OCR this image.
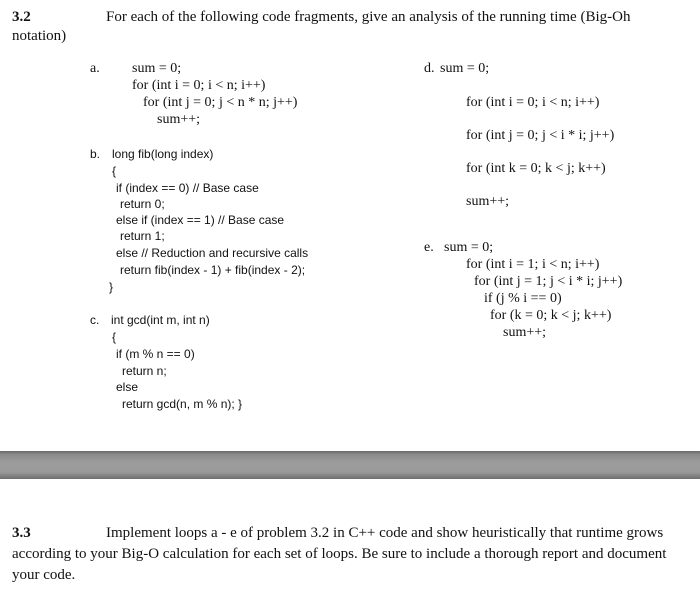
3.2	For each of the following code fragments, give an analysis of the running time (Big-Oh
notation)
a. sum = 0;
for (int i = 0; i < n; i++)
for (int j = 0; j < n * n; j++)
sum++;
b. long fib(long index)
{
if (index == 0) // Base case
return 0;
else if (index == 1) // Base case
return 1;
else // Reduction and recursive calls
return fib(index - 1) + fib(index - 2);
}
c. int gcd(int m, int n)
{
if (m % n == 0)
return n;
else
return gcd(n, m % n); }
d. sum = 0;
for (int i = 0; i < n; i++)
for (int j = 0; j < i * i; j++)
for (int k = 0; k < j; k++)
sum++;
e. sum = 0;
for (int i = 1; i < n; i++)
for (int j = 1; j < i * i; j++)
if (j % i == 0)
for (k = 0; k < j; k++)
sum++;
3.3	Implement loops a - e of problem 3.2 in C++ code and show heuristically that runtime grows
according to your Big-O calculation for each set of loops. Be sure to include a thorough report and document your code.
